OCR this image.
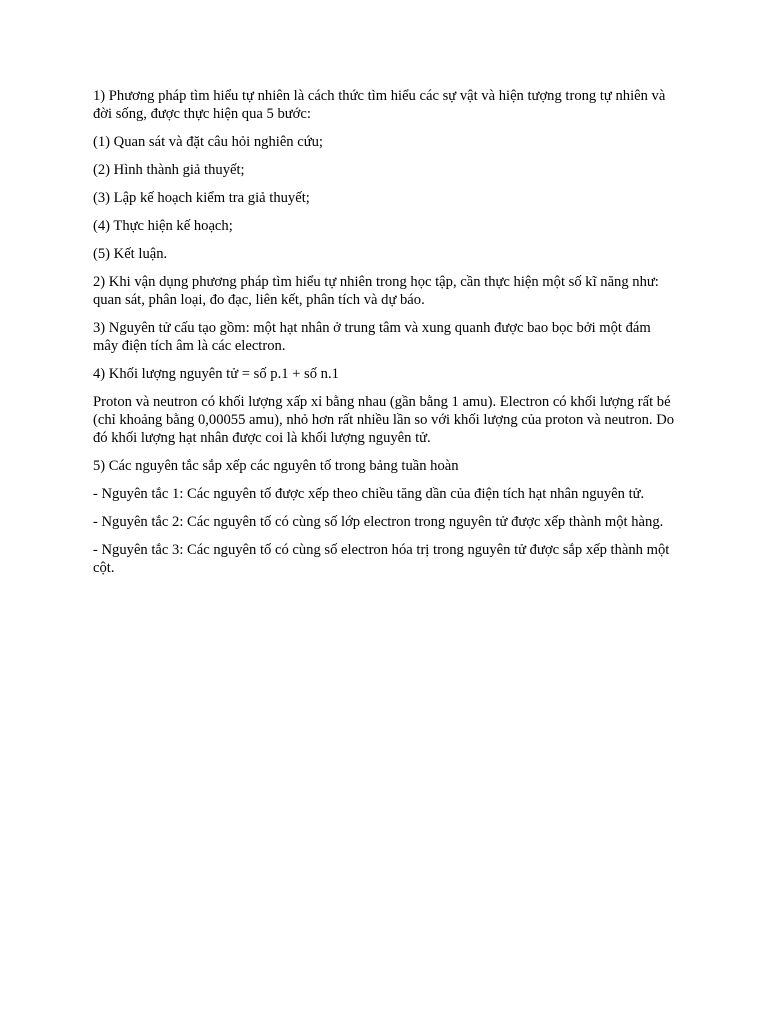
1) Phương pháp tìm hiểu tự nhiên là cách thức tìm hiểu các sự vật và hiện tượng trong tự nhiên và đời sống, được thực hiện qua 5 bước:

(1) Quan sát và đặt câu hỏi nghiên cứu;

(2) Hình thành giả thuyết;

(3) Lập kế hoạch kiểm tra giả thuyết;

(4) Thực hiện kế hoạch;

(5) Kết luận.

2) Khi vận dụng phương pháp tìm hiểu tự nhiên trong học tập, cần thực hiện một số kĩ năng như: quan sát, phân loại, đo đạc, liên kết, phân tích và dự báo.

3) Nguyên tử cấu tạo gồm: một hạt nhân ở trung tâm và xung quanh được bao bọc bởi một đám mây điện tích âm là các electron.

4) Khối lượng nguyên tử = số p.1 + số n.1

Proton và neutron có khối lượng xấp xỉ bằng nhau (gần bằng 1 amu). Electron có khối lượng rất bé (chỉ khoảng bằng 0,00055 amu), nhỏ hơn rất nhiều lần so với khối lượng của proton và neutron. Do đó khối lượng hạt nhân được coi là khối lượng nguyên tử.

5) Các nguyên tắc sắp xếp các nguyên tố trong bảng tuần hoàn

- Nguyên tắc 1: Các nguyên tố được xếp theo chiều tăng dần của điện tích hạt nhân nguyên tử.

- Nguyên tắc 2: Các nguyên tố có cùng số lớp electron trong nguyên tử được xếp thành một hàng.

- Nguyên tắc 3: Các nguyên tố có cùng số electron hóa trị trong nguyên tử được sắp xếp thành một cột.
